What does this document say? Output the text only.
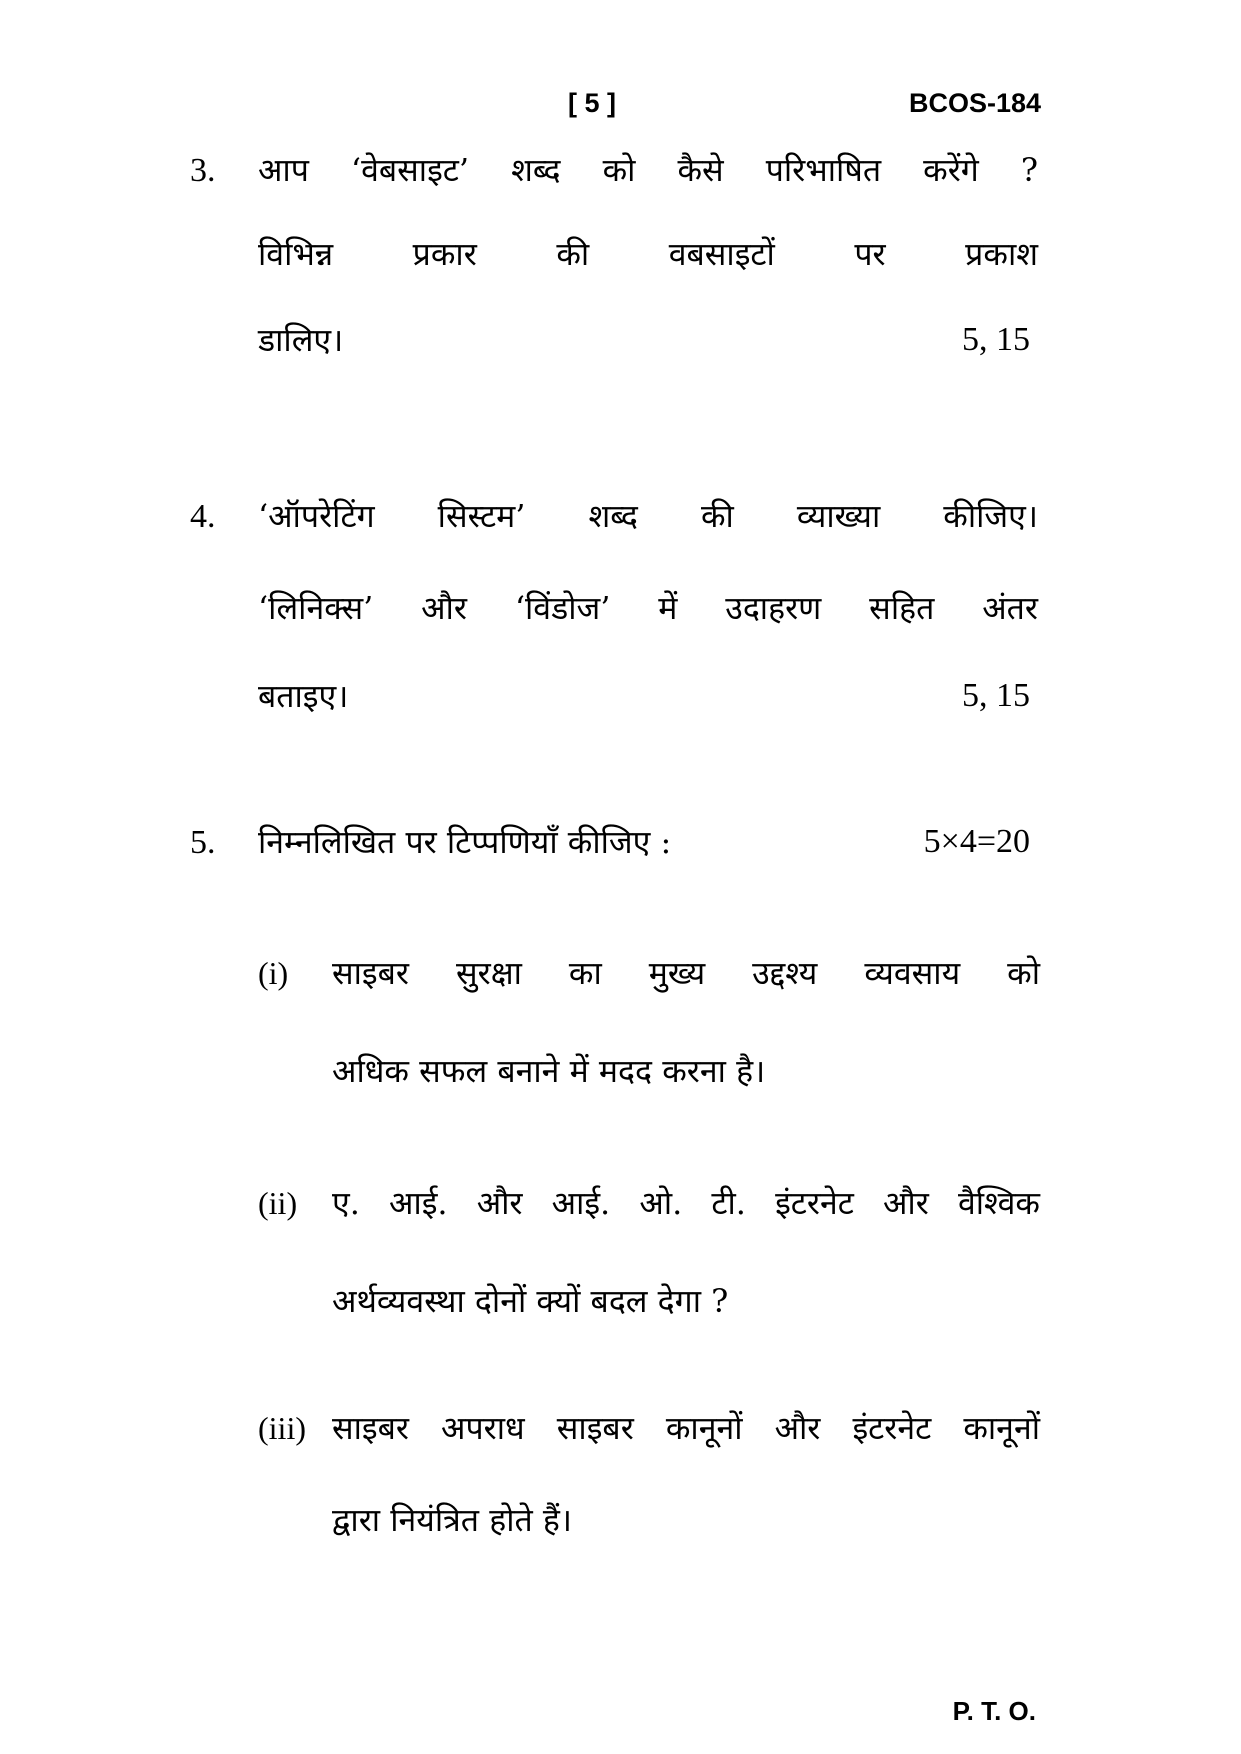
[ 5 ]	BCOS-184
3. आप ‘वेबसाइट’ शब्द को कैसे परिभाषित करेंगे ?
विभिन्न प्रकार की वबसाइटों पर प्रकाश
डालिए।	5, 15
4. ‘ऑपरेटिंग सिस्टम’ शब्द की व्याख्या कीजिए।
‘लिनिक्स’ और ‘विंडोज’ में उदाहरण सहित अंतर
बताइए।	5, 15
5. निम्नलिखित पर टिप्पणियाँ कीजिए :	5×4=20
(i) साइबर सुरक्षा का मुख्य उद्दश्य व्यवसाय को
अधिक सफल बनाने में मदद करना है।
(ii) ए. आई. और आई. ओ. टी. इंटरनेट और वैश्विक
अर्थव्यवस्था दोनों क्यों बदल देगा ?
(iii) साइबर अपराध साइबर कानूनों और इंटरनेट कानूनों
द्वारा नियंत्रित होते हैं।
P. T. O.
